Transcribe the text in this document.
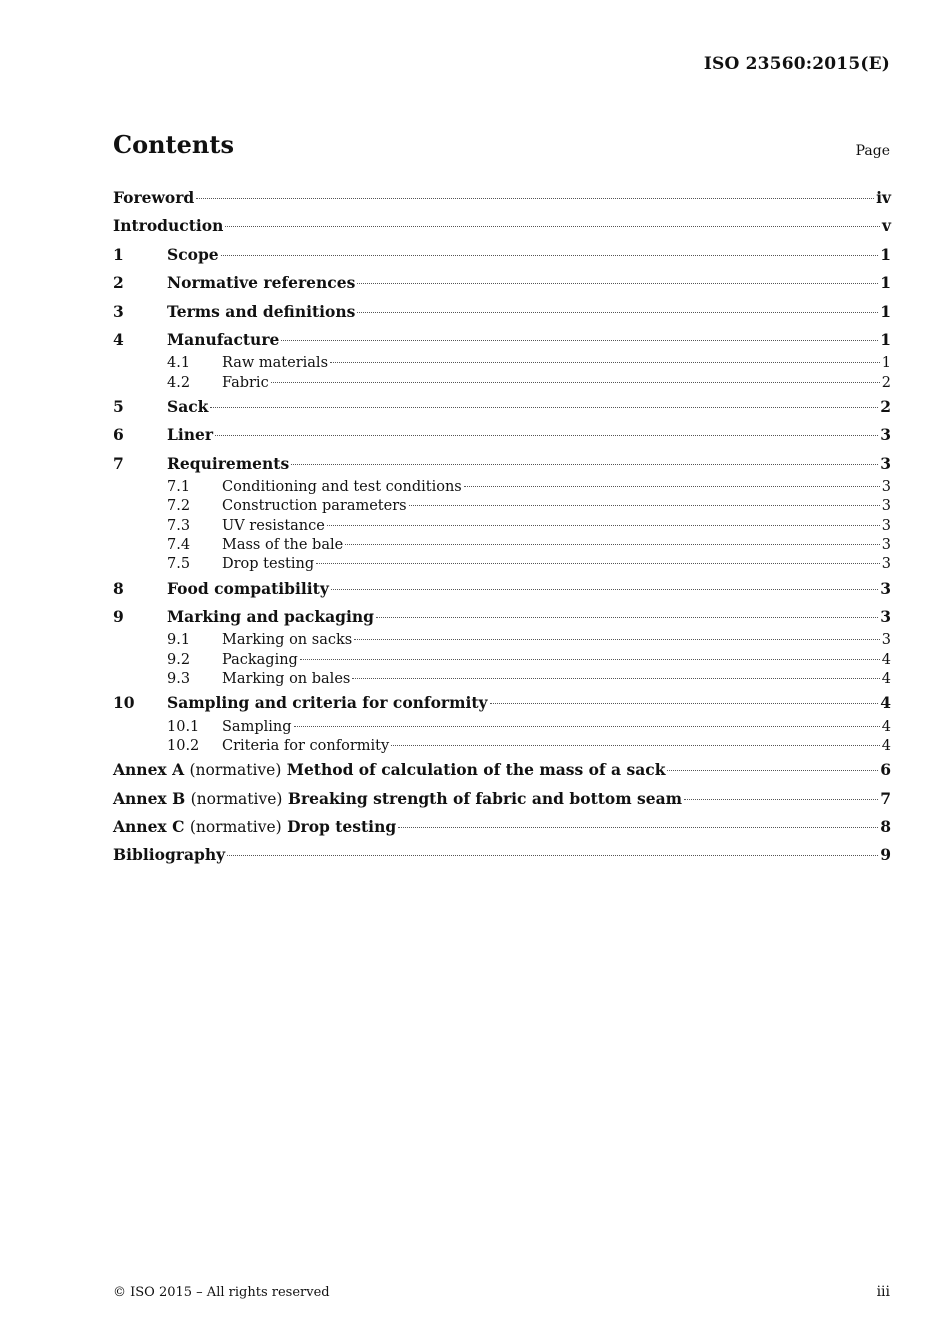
ISO 23560:2015(E)
Contents	Page
Foreword	iv
Introduction	v
1	Scope	1
2	Normative references	1
3	Terms and definitions	1
4	Manufacture	1
4.1	Raw materials	1
4.2	Fabric	2
5	Sack	2
6	Liner	3
7	Requirements	3
7.1	Conditioning and test conditions	3
7.2	Construction parameters	3
7.3	UV resistance	3
7.4	Mass of the bale	3
7.5	Drop testing	3
8	Food compatibility	3
9	Marking and packaging	3
9.1	Marking on sacks	3
9.2	Packaging	4
9.3	Marking on bales	4
10	Sampling and criteria for conformity	4
10.1	Sampling	4
10.2	Criteria for conformity	4
Annex A (normative) Method of calculation of the mass of a sack	6
Annex B (normative) Breaking strength of fabric and bottom seam	7
Annex C (normative) Drop testing	8
Bibliography	9
© ISO 2015 – All rights reserved	iii
